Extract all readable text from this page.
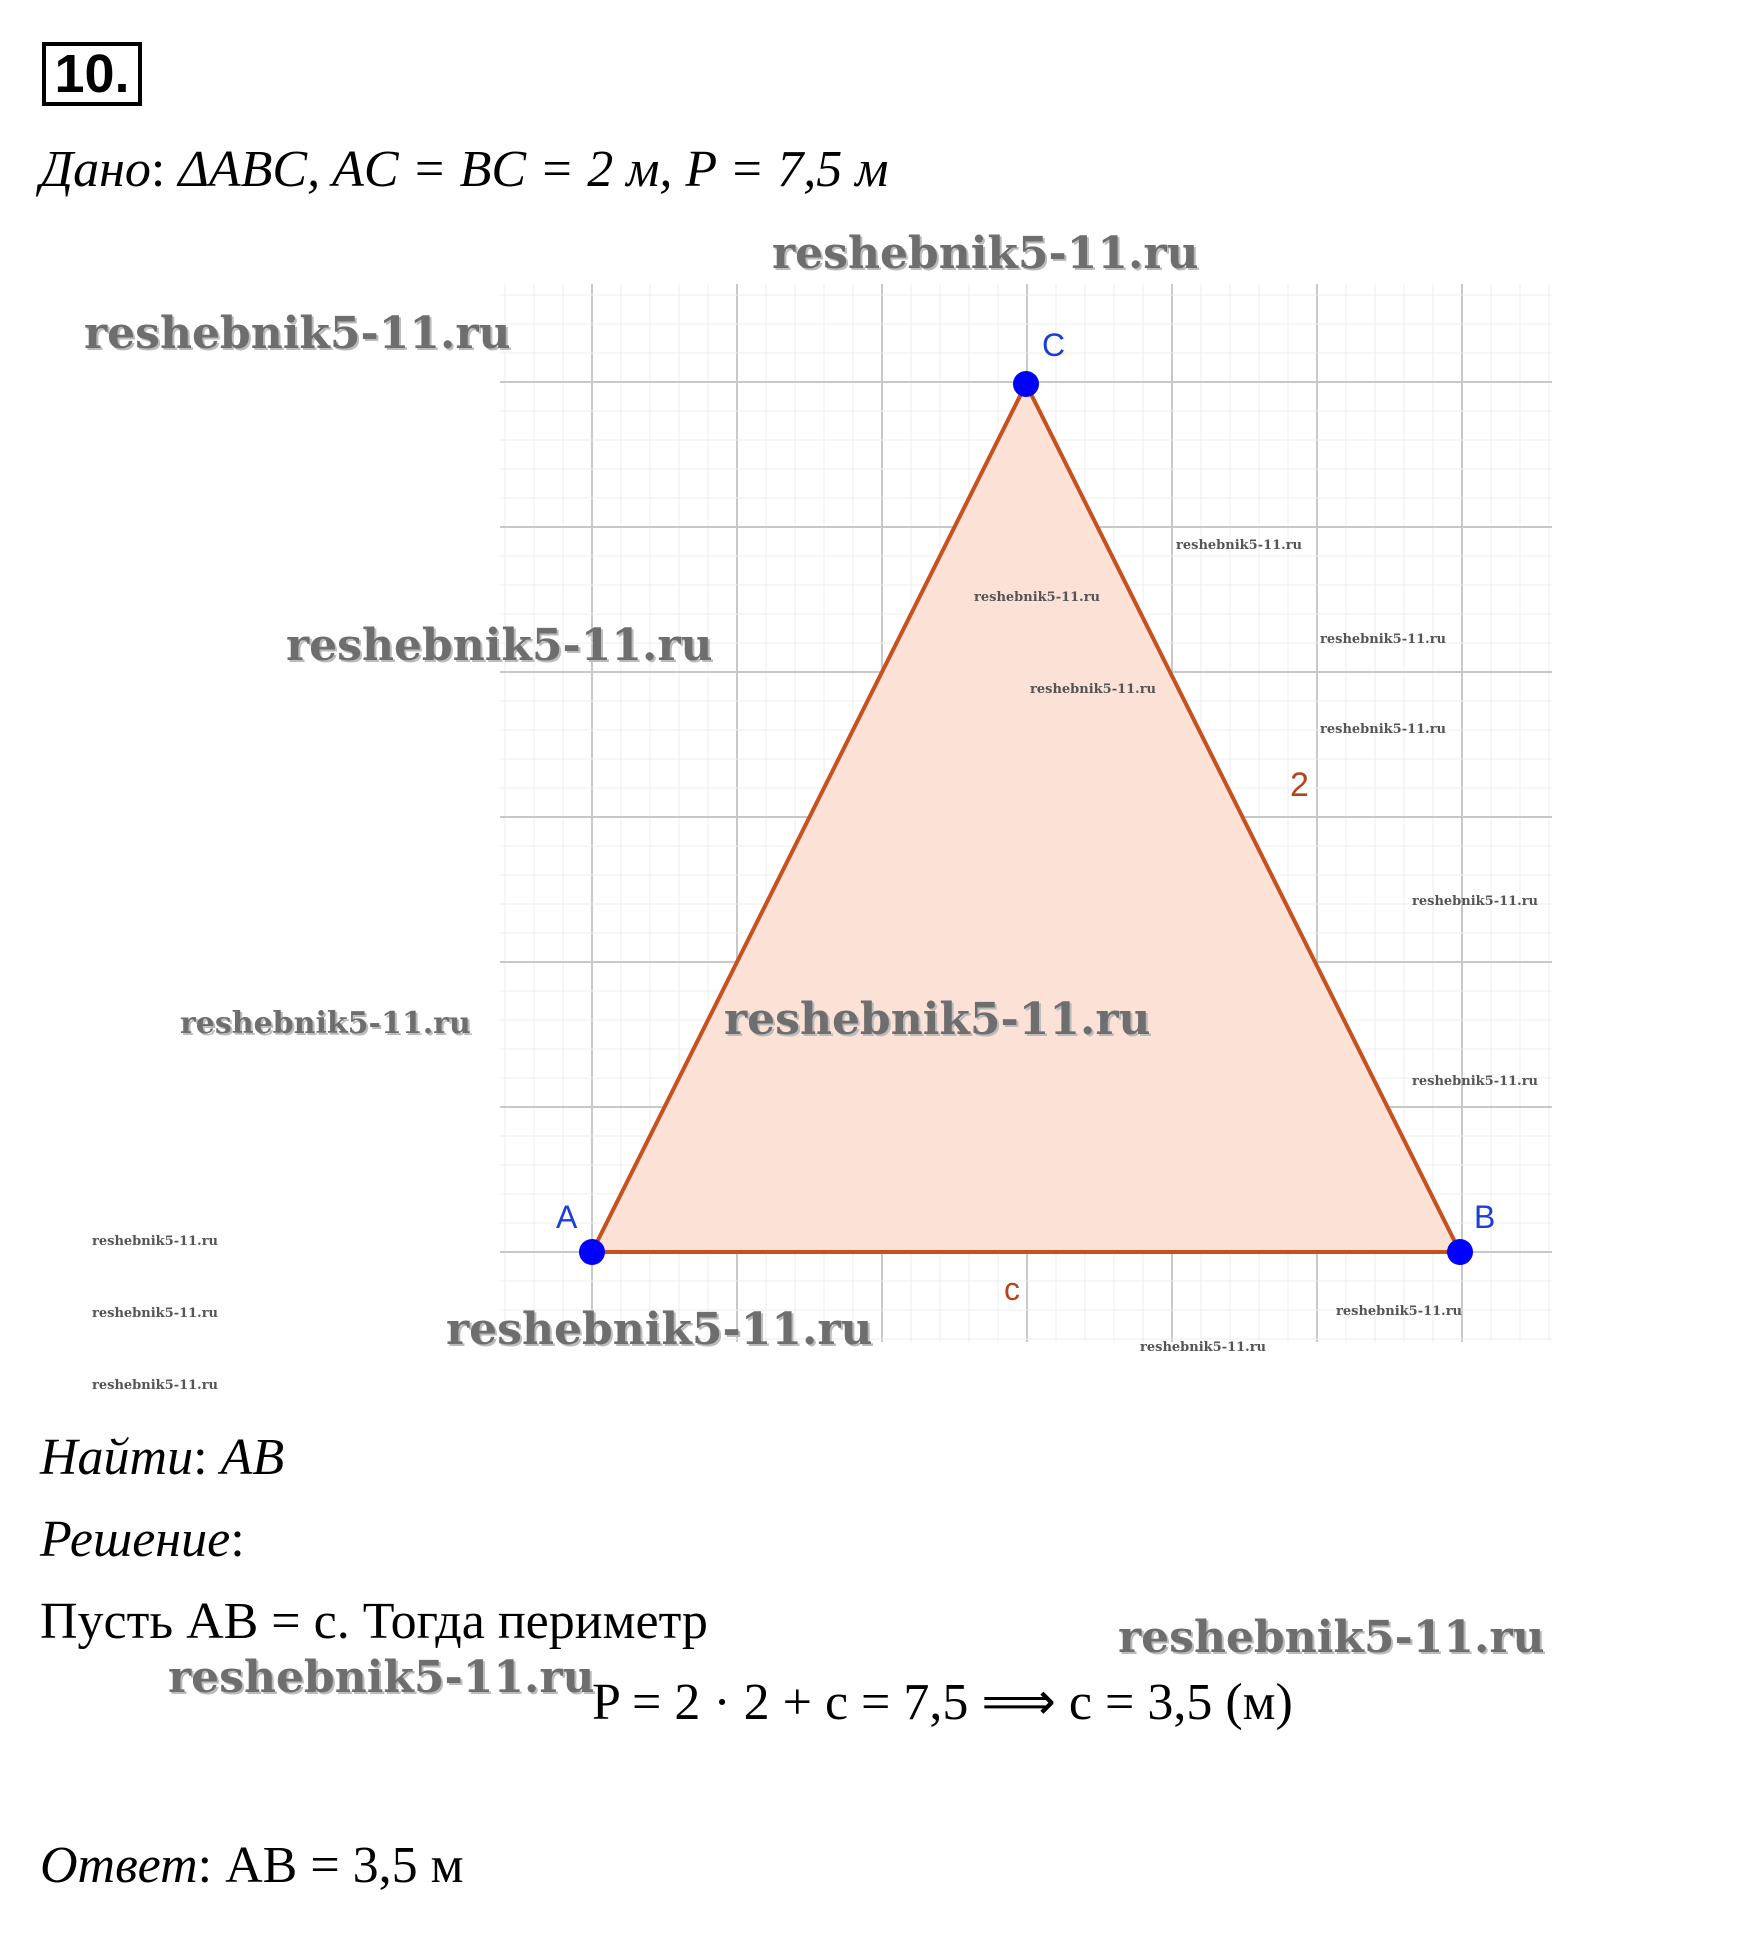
10.
Дано: ΔABC, AC = BC = 2 м, P = 7,5 м
A	B
C
2
c
reshebnik5-11.ru
reshebnik5-11.ru
reshebnik5-11.ru
reshebnik5-11.ru	reshebnik5-11.ru
reshebnik5-11.ru
reshebnik5-11.ru
reshebnik5-11.ru
reshebnik5-11.ru
reshebnik5-11.ru
reshebnik5-11.ru
reshebnik5-11.ru
reshebnik5-11.ru
reshebnik5-11.ru
reshebnik5-11.ru
reshebnik5-11.ru
reshebnik5-11.ru	reshebnik5-11.ru
reshebnik5-11.ru
reshebnik5-11.ru
Найти: AB
Решение:
Пусть AB = c. Тогда периметр
P = 2 · 2 + c = 7,5 ⟹ c = 3,5 (м)
Ответ: AB = 3,5 м
